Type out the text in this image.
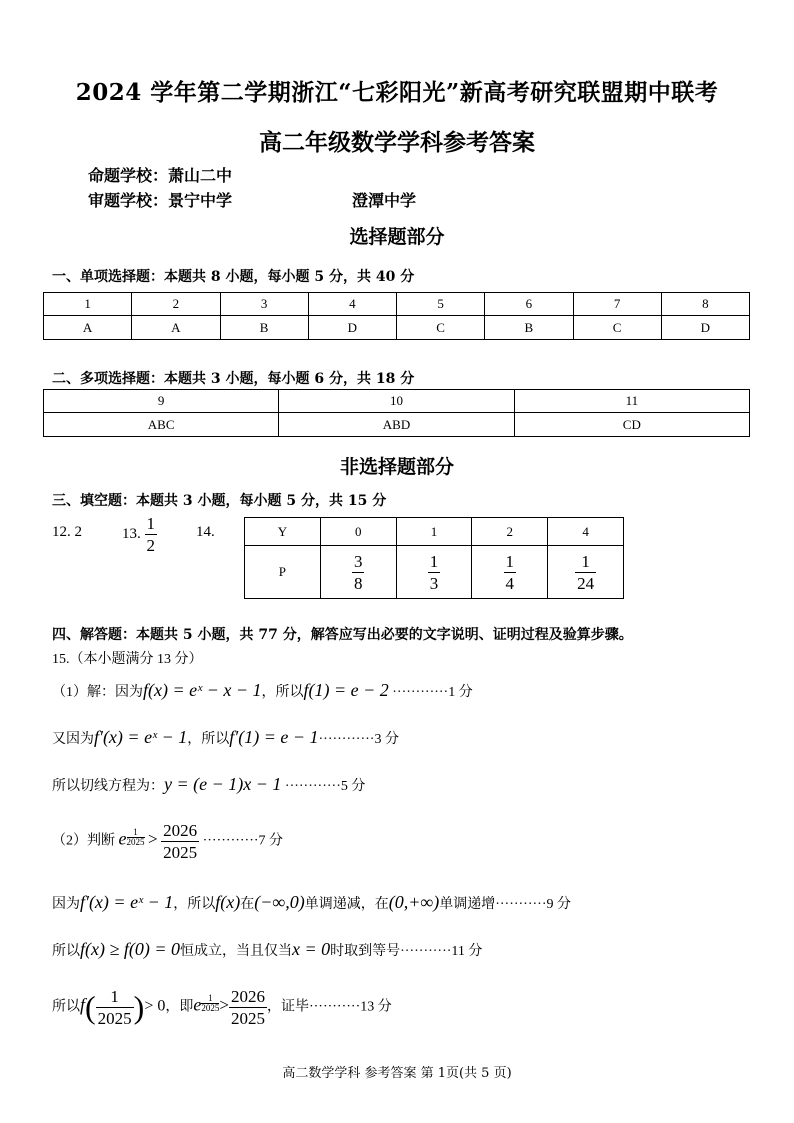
2024 学年第二学期浙江“七彩阳光”新高考研究联盟期中联考
高二年级数学学科参考答案
命题学校：萧山二中
审题学校：景宁中学	澄潭中学
选择题部分
一、单项选择题：本题共 8 小题，每小题 5 分，共 40 分
1	2	3	4	5	6	7	8
A	A	B	D	C	B	C	D
二、多项选择题：本题共 3 小题，每小题 6 分，共 18 分
9	10	11
ABC	ABD	CD
非选择题部分
三、填空题：本题共 3 小题，每小题 5 分，共 15 分
12. 2	13. $\frac{1}{2}$	14.	Y	0	1	2	4
P	$\frac{3}{8}$	$\frac{1}{3}$	$\frac{1}{4}$	$\frac{1}{24}$
四、解答题：本题共 5 小题，共 77 分，解答应写出必要的文字说明、证明过程及验算步骤。
15.（本小题满分 13 分）
（1）解：因为f(x) = eˣ − x − 1，所以f(1) = e − 2 ············1 分
又因为f′(x) = eˣ − 1，所以f′(1) = e − 1············3 分
所以切线方程为：y = (e − 1)x − 1 ············5 分
（2）判断 e $^{\frac{1}{2025}} > \frac{2026}{2025} \cdot\cdot\cdot\cdot\cdot\cdot\cdot\cdot\cdot\cdot\cdot\cdot 7$ 分
因为f′(x) = eˣ − 1，所以f(x)在(−∞,0)单调递减，在(0,+∞)单调递增···········9 分
所以f(x) ≥ f(0) = 0恒成立，当且仅当x = 0时取到等号···········11 分
所以$f( \frac{1}{2025}$ )> 0，即e $^{\frac{1}{2025}} > \frac{2026}{2025}$ ，证毕···········13 分
高二数学学科 参考答案 第 1页(共 5 页)
